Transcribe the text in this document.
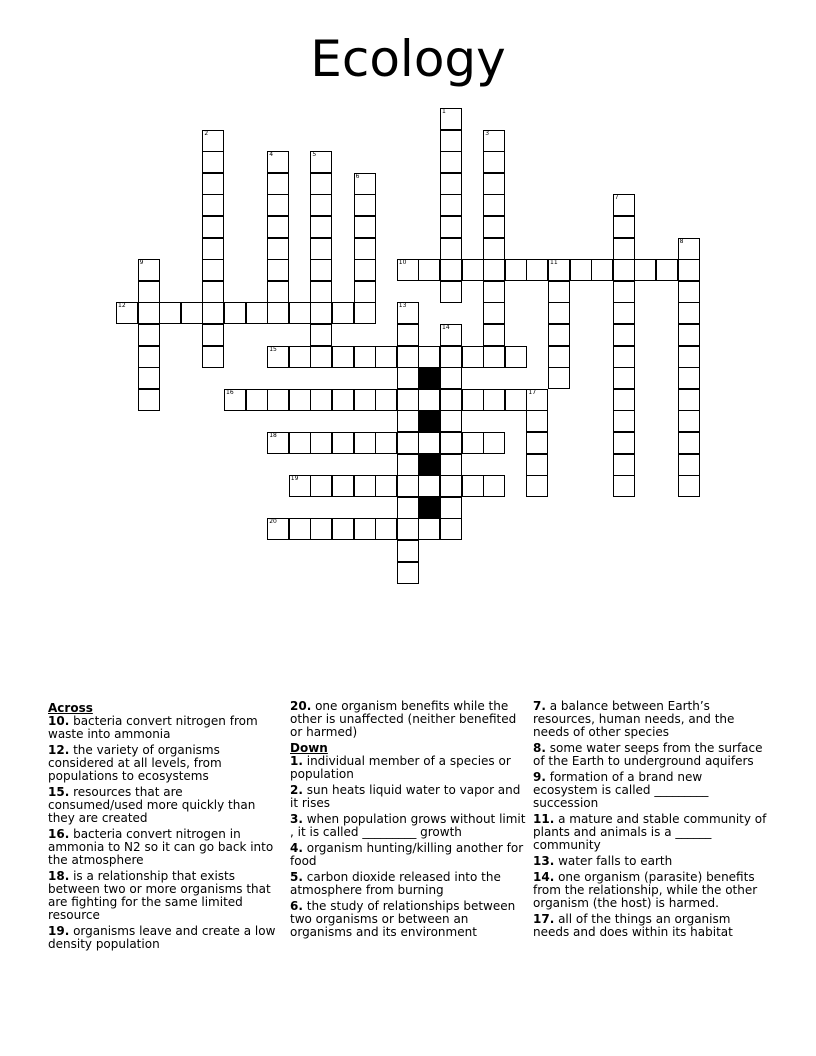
Ecology
1
2	3
4	5
6
7
8
9	10	11
12	13
14
15
16	17
18
19
20
Across
10. bacteria convert nitrogen from waste into ammonia
12. the variety of organisms considered at all levels, from populations to ecosystems
15. resources that are consumed/used more quickly than they are created
16. bacteria convert nitrogen in ammonia to N2 so it can go back into the atmosphere
18. is a relationship that exists between two or more organisms that are fighting for the same limited resource
19. organisms leave and create a low density population
20. one organism benefits while the other is unaffected (neither benefited or harmed)
Down
1. individual member of a species or population
2. sun heats liquid water to vapor and it rises
3. when population grows without limit , it is called _________ growth
4. organism hunting/killing another for food
5. carbon dioxide released into the atmosphere from burning
6. the study of relationships between two organisms or between an organisms and its environment
7. a balance between Earth’s resources, human needs, and the needs of other species
8. some water seeps from the surface of the Earth to underground aquifers
9. formation of a brand new ecosystem is called _________ succession
11. a mature and stable community of plants and animals is a ______ community
13. water falls to earth
14. one organism (parasite) benefits from the relationship, while the other organism (the host) is harmed.
17. all of the things an organism needs and does within its habitat
